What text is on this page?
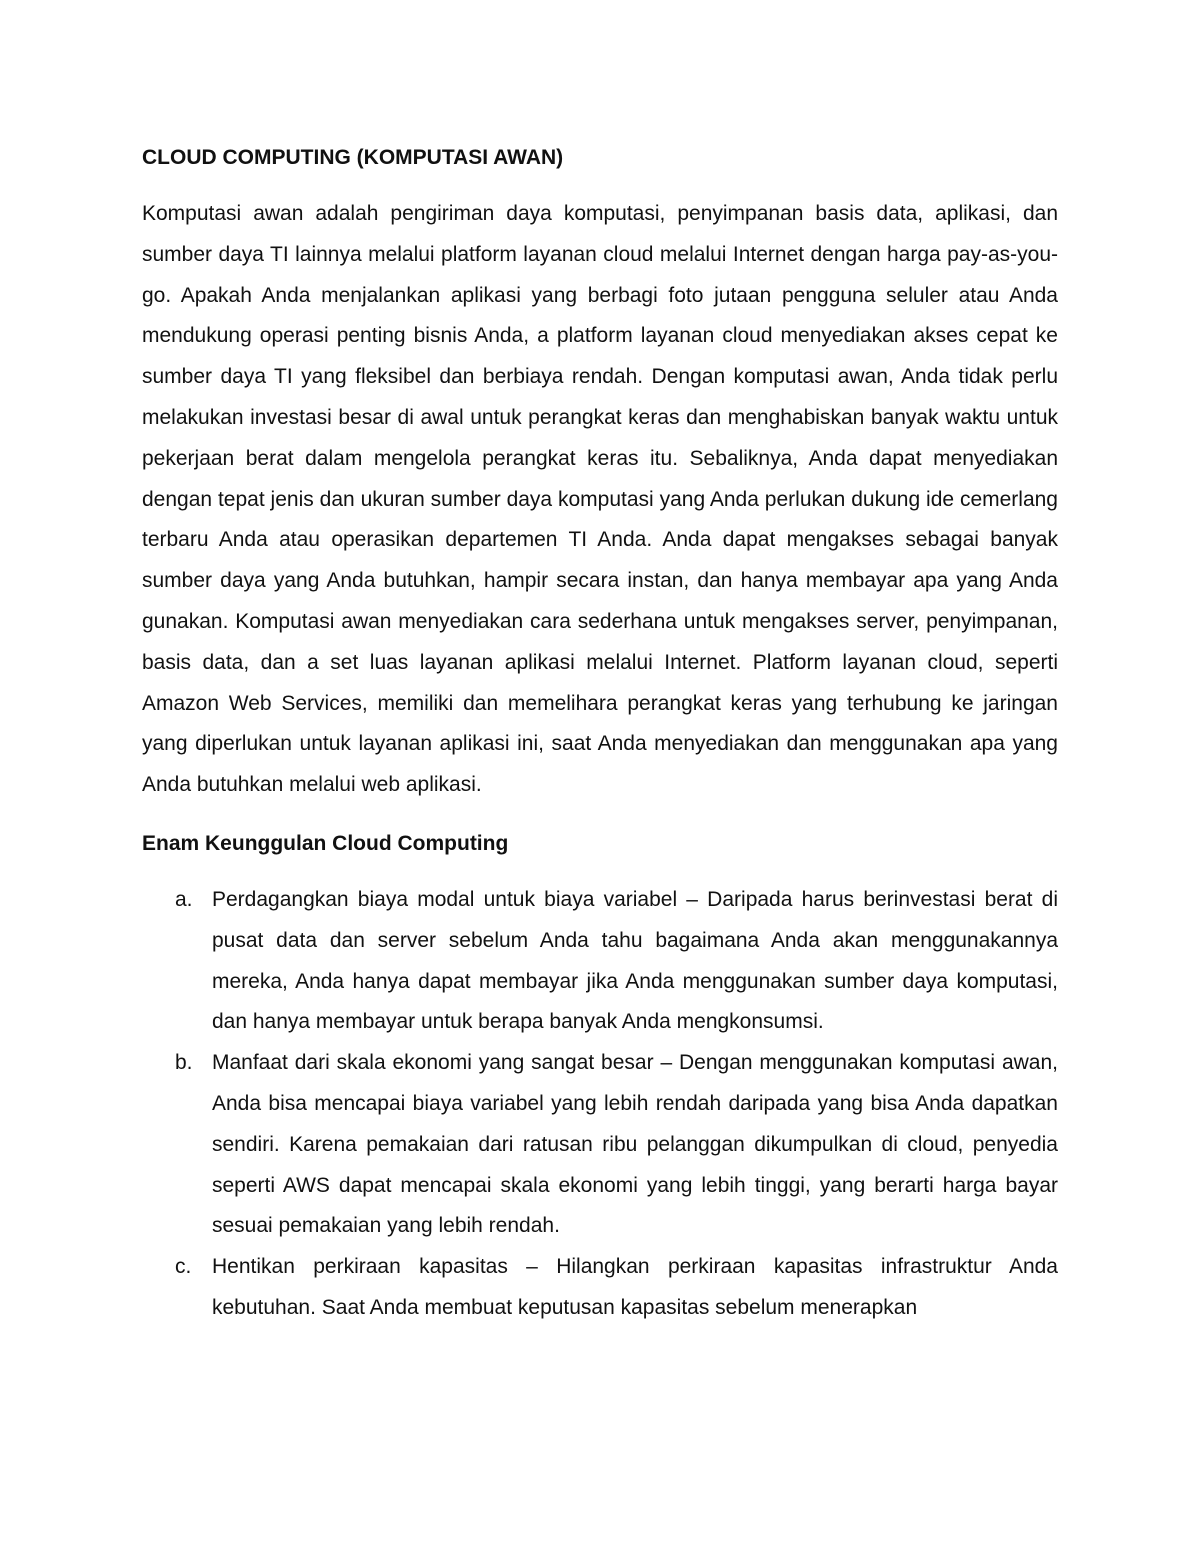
CLOUD COMPUTING (KOMPUTASI AWAN)

Komputasi awan adalah pengiriman daya komputasi, penyimpanan basis data, aplikasi, dan sumber daya TI lainnya melalui platform layanan cloud melalui Internet dengan harga pay-as-you-go. Apakah Anda menjalankan aplikasi yang berbagi foto jutaan pengguna seluler atau Anda mendukung operasi penting bisnis Anda, a platform layanan cloud menyediakan akses cepat ke sumber daya TI yang fleksibel dan berbiaya rendah. Dengan komputasi awan, Anda tidak perlu melakukan investasi besar di awal untuk perangkat keras dan menghabiskan banyak waktu untuk pekerjaan berat dalam mengelola perangkat keras itu. Sebaliknya, Anda dapat menyediakan dengan tepat jenis dan ukuran sumber daya komputasi yang Anda perlukan dukung ide cemerlang terbaru Anda atau operasikan departemen TI Anda. Anda dapat mengakses sebagai banyak sumber daya yang Anda butuhkan, hampir secara instan, dan hanya membayar apa yang Anda gunakan. Komputasi awan menyediakan cara sederhana untuk mengakses server, penyimpanan, basis data, dan a set luas layanan aplikasi melalui Internet. Platform layanan cloud, seperti Amazon Web Services, memiliki dan memelihara perangkat keras yang terhubung ke jaringan yang diperlukan untuk layanan aplikasi ini, saat Anda menyediakan dan menggunakan apa yang Anda butuhkan melalui web aplikasi.

Enam Keunggulan Cloud Computing
a. Perdagangkan biaya modal untuk biaya variabel – Daripada harus berinvestasi berat di pusat data dan server sebelum Anda tahu bagaimana Anda akan menggunakannya mereka, Anda hanya dapat membayar jika Anda menggunakan sumber daya komputasi, dan hanya membayar untuk berapa banyak Anda mengkonsumsi.

b. Manfaat dari skala ekonomi yang sangat besar – Dengan menggunakan komputasi awan, Anda bisa mencapai biaya variabel yang lebih rendah daripada yang bisa Anda dapatkan sendiri. Karena pemakaian dari ratusan ribu pelanggan dikumpulkan di cloud, penyedia seperti AWS dapat mencapai skala ekonomi yang lebih tinggi, yang berarti harga bayar sesuai pemakaian yang lebih rendah.

c. Hentikan perkiraan kapasitas – Hilangkan perkiraan kapasitas infrastruktur Anda kebutuhan. Saat Anda membuat keputusan kapasitas sebelum menerapkan
